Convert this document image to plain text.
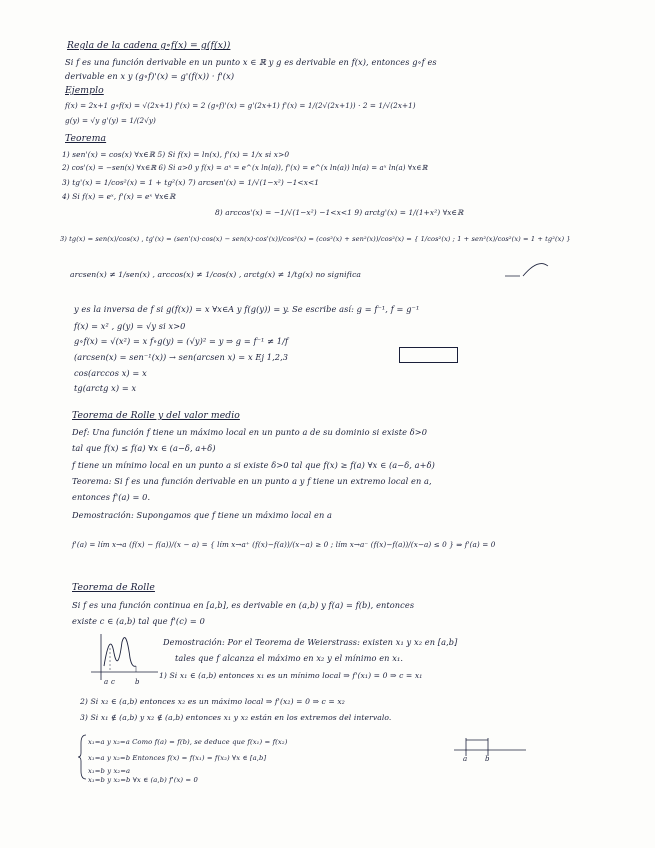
Regla de la cadena g∘f(x) = g(f(x))
Si f es una función derivable en un punto x ∈ ℝ y g es derivable en f(x), entonces g∘f es
derivable en x y (g∘f)'(x) = g'(f(x)) · f'(x)
Ejemplo
f(x) = 2x+1 g∘f(x) = √(2x+1) f'(x) = 2 (g∘f)'(x) = g'(2x+1) f'(x) = 1/(2√(2x+1)) · 2 = 1/√(2x+1)
g(y) = √y g'(y) = 1/(2√y)
Teorema
1) sen'(x) = cos(x) ∀x∈ℝ 5) Si f(x) = ln(x), f'(x) = 1/x si x>0
2) cos'(x) = −sen(x) ∀x∈ℝ 6) Si a>0 y f(x) = aˣ = e^(x ln(a)), f'(x) = e^(x ln(a)) ln(a) = aˣ ln(a) ∀x∈ℝ
3) tg'(x) = 1/cos²(x) = 1 + tg²(x) 7) arcsen'(x) = 1/√(1−x²) −1<x<1
4) Si f(x) = eˣ, f'(x) = eˣ ∀x∈ℝ
8) arccos'(x) = −1/√(1−x²) −1<x<1 9) arctg'(x) = 1/(1+x²) ∀x∈ℝ
3) tg(x) = sen(x)/cos(x) , tg'(x) = (sen'(x)·cos(x) − sen(x)·cos'(x))/cos²(x) = (cos²(x) + sen²(x))/cos²(x) = { 1/cos²(x) ; 1 + sen²(x)/cos²(x) = 1 + tg²(x) }
arcsen(x) ≠ 1/sen(x) , arccos(x) ≠ 1/cos(x) , arctg(x) ≠ 1/tg(x) no significa
y es la inversa de f si g(f(x)) = x ∀x∈A y f(g(y)) = y. Se escribe así: g = f⁻¹, f = g⁻¹
f(x) = x² , g(y) = √y si x>0
g∘f(x) = √(x²) = x f∘g(y) = (√y)² = y ⇒ g = f⁻¹ ≠ 1/f
(arcsen(x) = sen⁻¹(x)) → sen(arcsen x) = x Ej 1,2,3
cos(arccos x) = x
tg(arctg x) = x
Teorema de Rolle y del valor medio
Def: Una función f tiene un máximo local en un punto a de su dominio si existe δ>0
tal que f(x) ≤ f(a) ∀x ∈ (a−δ, a+δ)
f tiene un mínimo local en un punto a si existe δ>0 tal que f(x) ≥ f(a) ∀x ∈ (a−δ, a+δ)
Teorema: Si f es una función derivable en un punto a y f tiene un extremo local en a,
entonces f'(a) = 0.
Demostración: Supongamos que f tiene un máximo local en a
f'(a) = lím x→a (f(x) − f(a))/(x − a) = { lím x→a⁺ (f(x)−f(a))/(x−a) ≥ 0 ; lím x→a⁻ (f(x)−f(a))/(x−a) ≤ 0 } ⇒ f'(a) = 0
Teorema de Rolle
Si f es una función continua en [a,b], es derivable en (a,b) y f(a) = f(b), entonces
existe c ∈ (a,b) tal que f'(c) = 0
a c	b
Demostración: Por el Teorema de Weierstrass: existen x₁ y x₂ en [a,b]
tales que f alcanza el máximo en x₂ y el mínimo en x₁.
1) Si x₁ ∈ (a,b) entonces x₁ es un mínimo local ⇒ f'(x₁) = 0 ⇒ c = x₁
2) Si x₂ ∈ (a,b) entonces x₂ es un máximo local ⇒ f'(x₂) = 0 ⇒ c = x₂
3) Si x₁ ∉ (a,b) y x₂ ∉ (a,b) entonces x₁ y x₂ están en los extremos del intervalo.
x₁=a y x₂=a Como f(a) = f(b), se deduce que f(x₁) = f(x₂)
x₁=a y x₂=b Entonces f(x) = f(x₁) = f(x₂) ∀x ∈ [a,b]
x₁=b y x₂=a
x₁=b y x₂=b ∀x ∈ (a,b) f'(x) = 0
a	b
